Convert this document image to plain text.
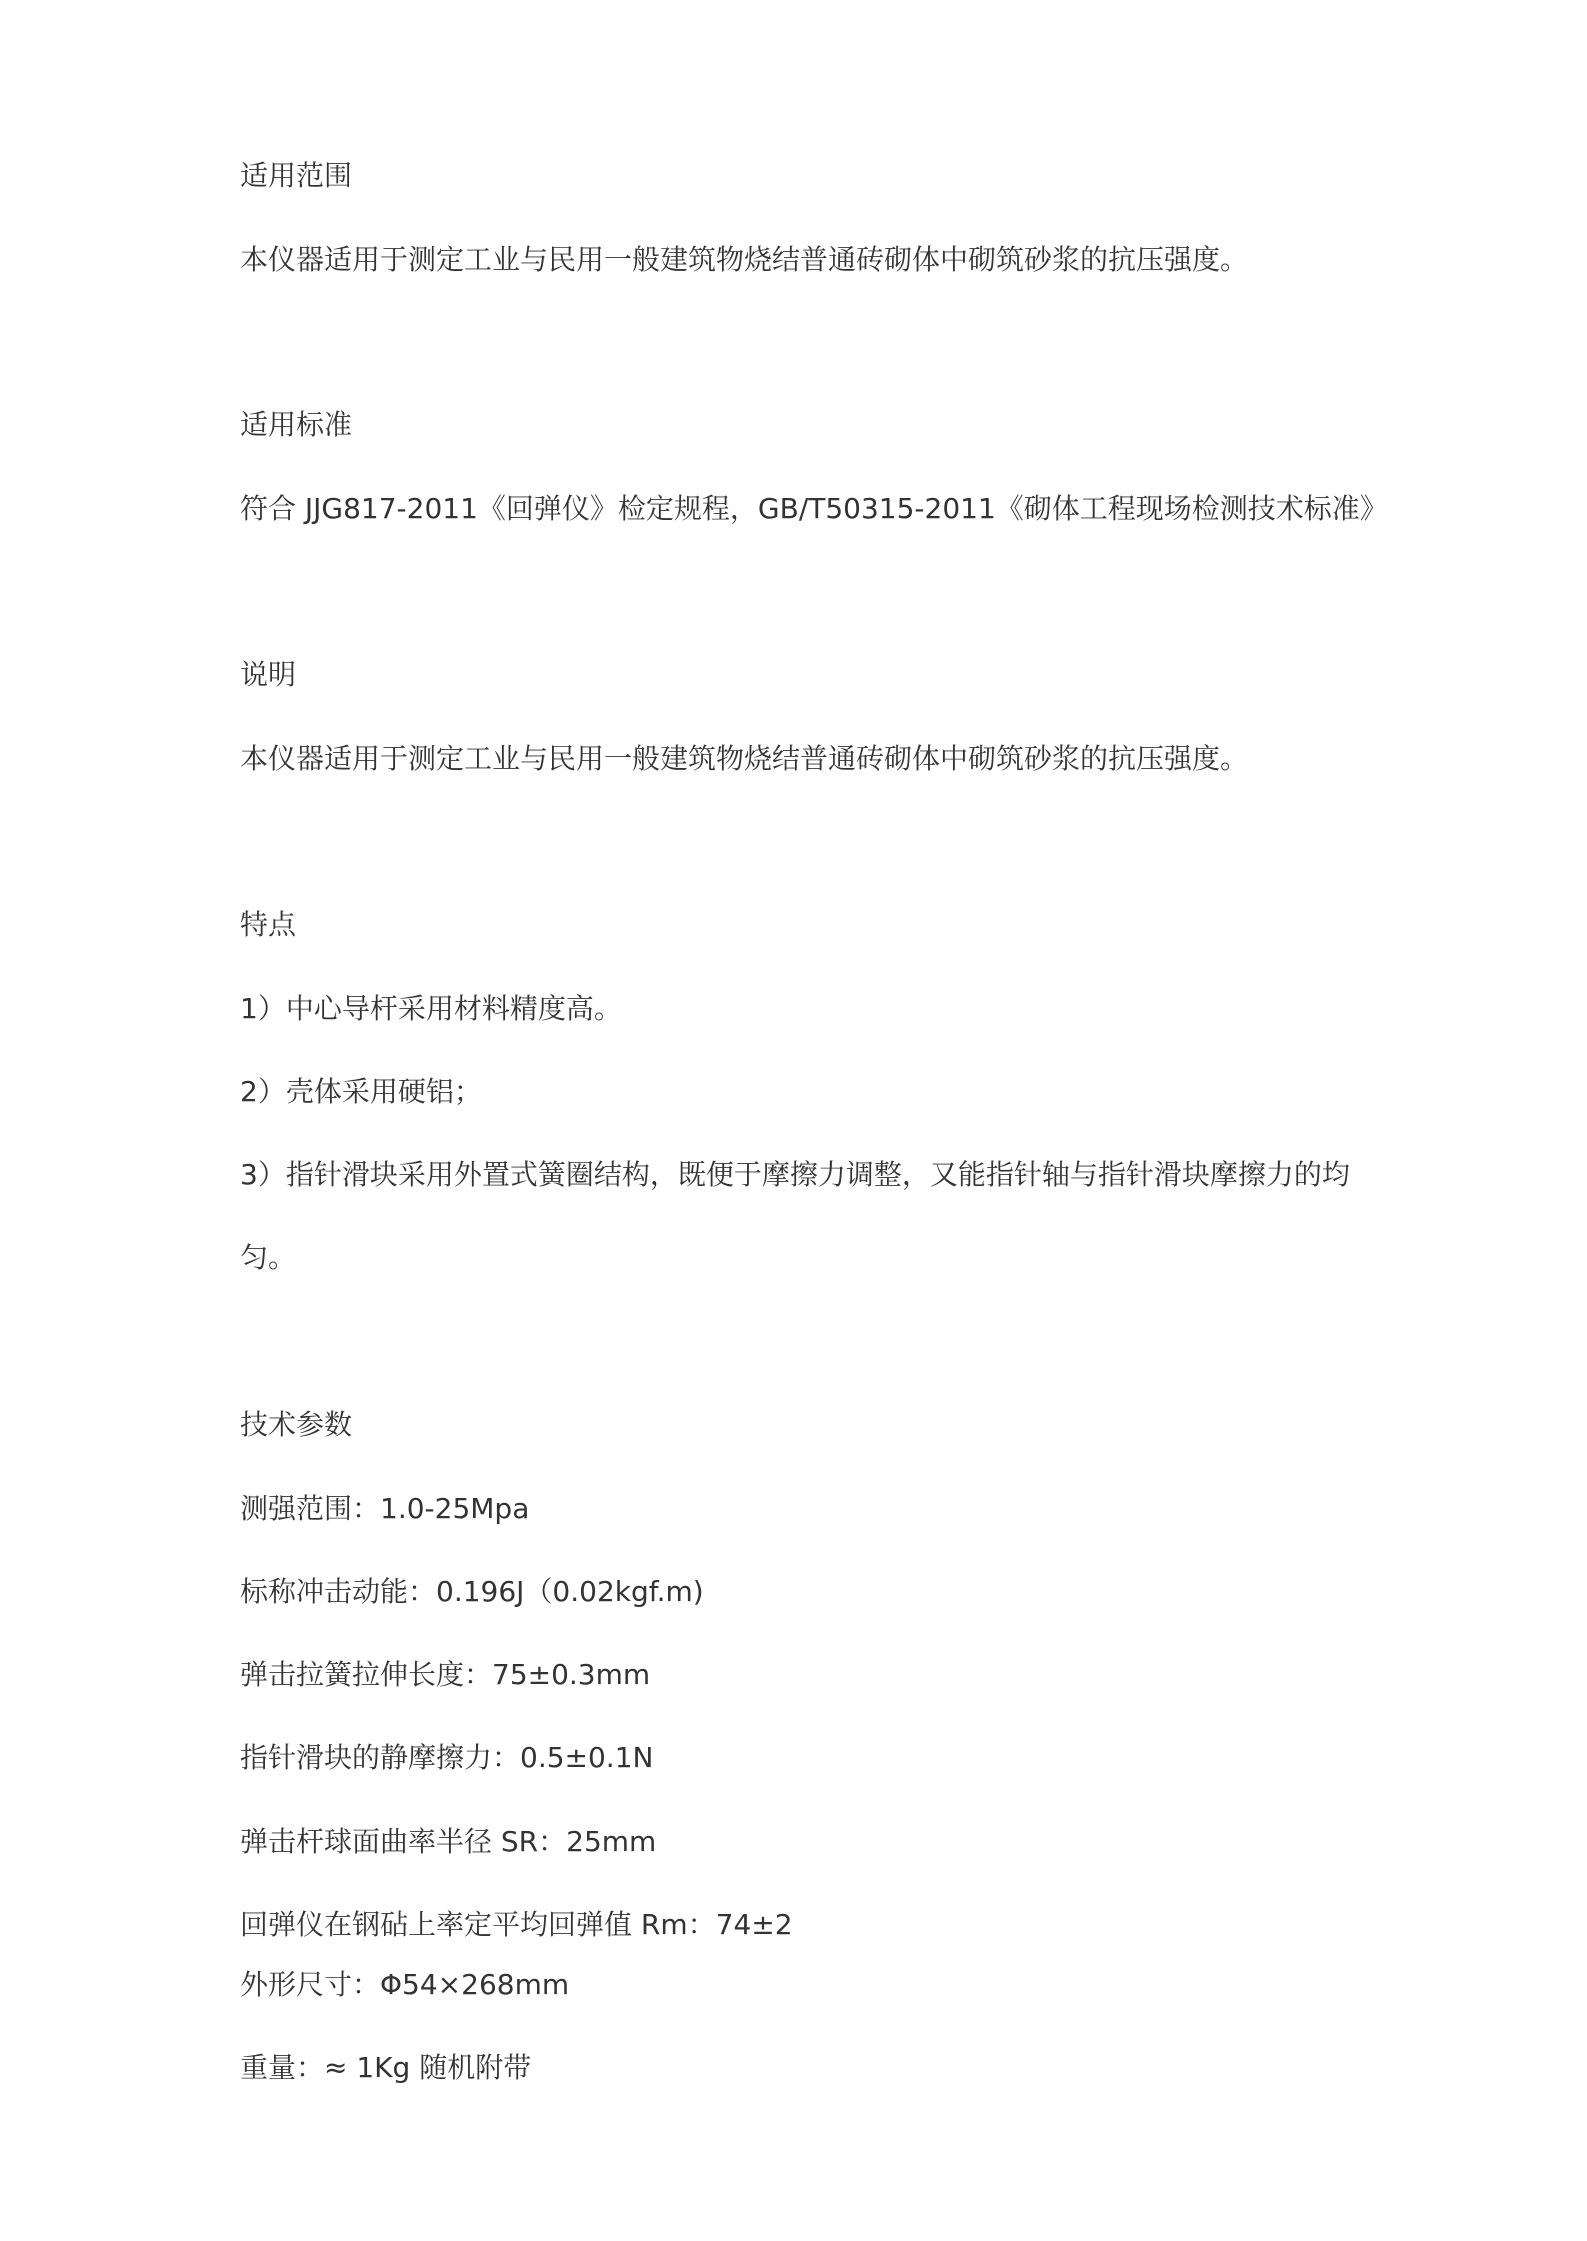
适用范围
本仪器适用于测定工业与民用一般建筑物烧结普通砖砌体中砌筑砂浆的抗压强度。
适用标准
符合 JJG817-2011《回弹仪》检定规程，GB/T50315-2011《砌体工程现场检测技术标准》
说明
本仪器适用于测定工业与民用一般建筑物烧结普通砖砌体中砌筑砂浆的抗压强度。
特点
1）中心导杆采用材料精度高。
2）壳体采用硬铝；
3）指针滑块采用外置式簧圈结构，既便于摩擦力调整，又能指针轴与指针滑块摩擦力的均
匀。
技术参数
测强范围：1.0-25Mpa
标称冲击动能：0.196J（0.02kgf.m)
弹击拉簧拉伸长度：75±0.3mm
指针滑块的静摩擦力：0.5±0.1N
弹击杆球面曲率半径 SR：25mm
回弹仪在钢砧上率定平均回弹值 Rm：74±2
外形尺寸：Φ54×268mm
重量：≈ 1Kg 随机附带
